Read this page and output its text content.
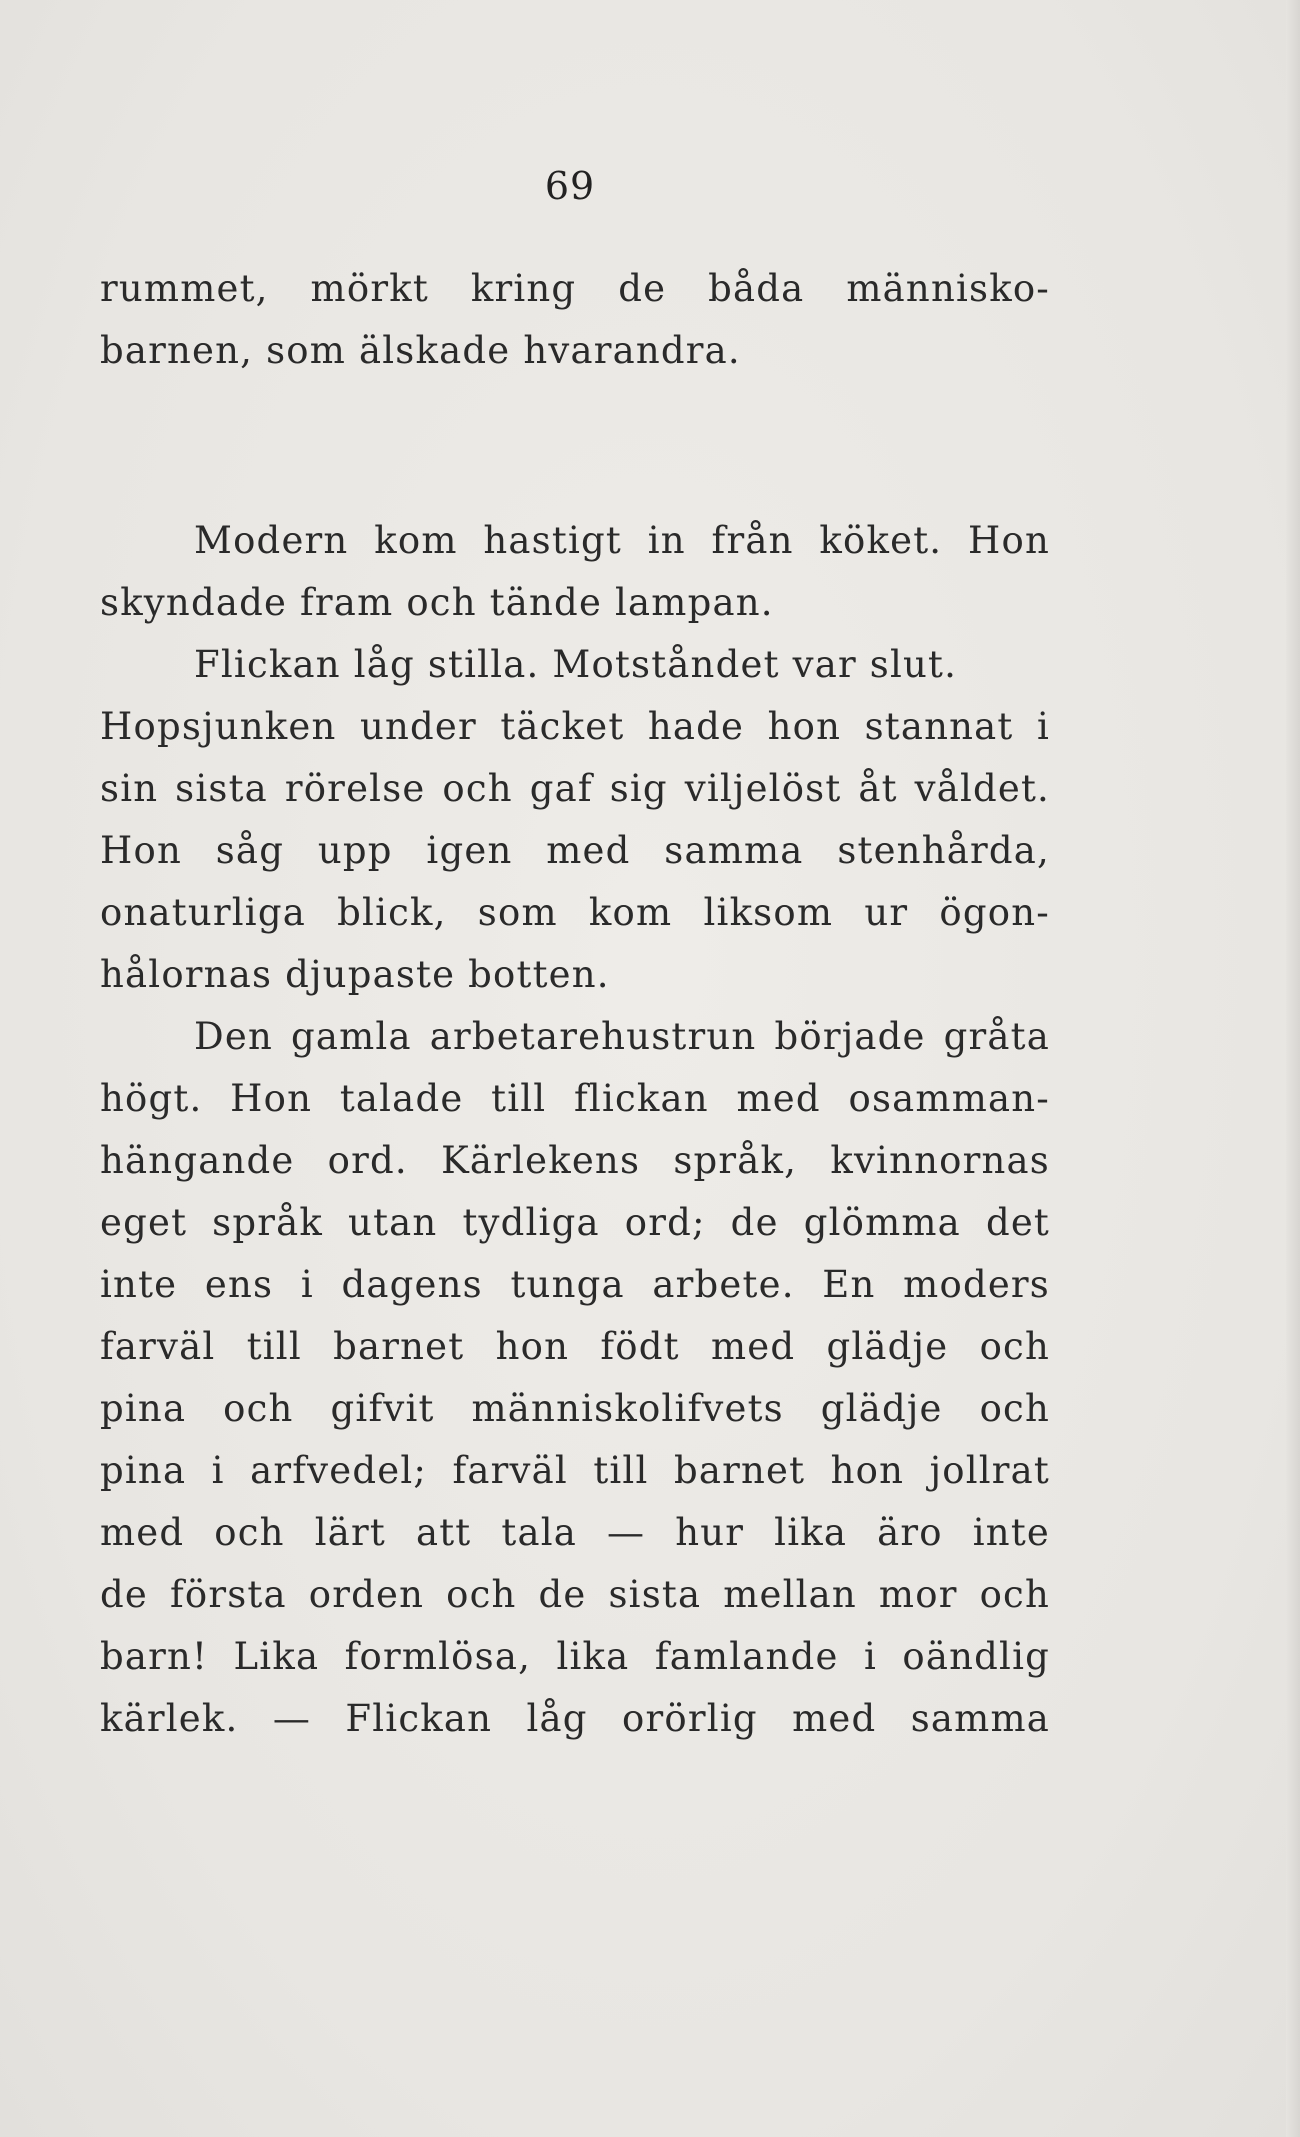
69
rummet, mörkt kring de båda människo-
barnen, som älskade hvarandra.
Modern kom hastigt in från köket. Hon
skyndade fram och tände lampan.
Flickan låg stilla. Motståndet var slut.
Hopsjunken under täcket hade hon stannat i
sin sista rörelse och gaf sig viljelöst åt våldet.
Hon såg upp igen med samma stenhårda,
onaturliga blick, som kom liksom ur ögon-
hålornas djupaste botten.
Den gamla arbetarehustrun började gråta
högt. Hon talade till flickan med osamman-
hängande ord. Kärlekens språk, kvinnornas
eget språk utan tydliga ord; de glömma det
inte ens i dagens tunga arbete. En moders
farväl till barnet hon födt med glädje och
pina och gifvit människolifvets glädje och
pina i arfvedel; farväl till barnet hon jollrat
med och lärt att tala — hur lika äro inte
de första orden och de sista mellan mor och
barn! Lika formlösa, lika famlande i oändlig
kärlek. — Flickan låg orörlig med samma
